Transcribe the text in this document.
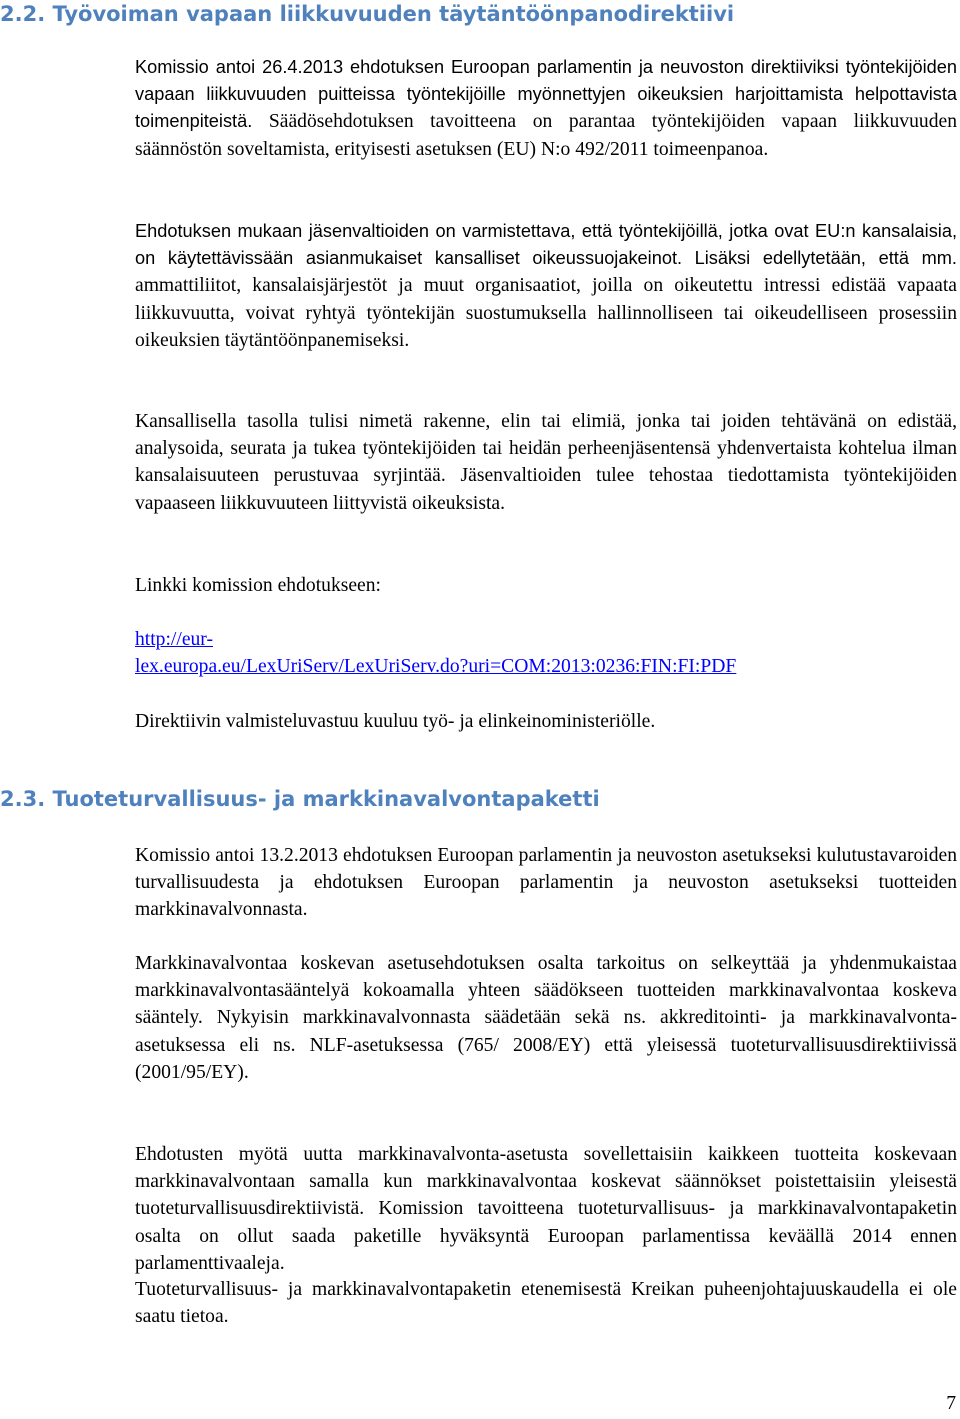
2.2. Työvoiman vapaan liikkuvuuden täytäntöönpanodirektiivi
Komissio antoi 26.4.2013 ehdotuksen Euroopan parlamentin ja neuvoston direktiiviksi työntekijöiden vapaan liikkuvuuden puitteissa työntekijöille myönnettyjen oikeuksien harjoittamista helpottavista toimenpiteistä. Säädösehdotuksen tavoitteena on parantaa työntekijöiden vapaan liikkuvuuden säännöstön soveltamista, erityisesti asetuksen (EU) N:o 492/2011 toimeenpanoa.
Ehdotuksen mukaan jäsenvaltioiden on varmistettava, että työntekijöillä, jotka ovat EU:n kansalaisia, on käytettävissään asianmukaiset kansalliset oikeussuojakeinot. Lisäksi edellytetään, että mm. ammattiliitot, kansalaisjärjestöt ja muut organisaatiot, joilla on oikeutettu intressi edistää vapaata liikkuvuutta, voivat ryhtyä työntekijän suostumuksella hallinnolliseen tai oikeudelliseen prosessiin oikeuksien täytäntöönpanemiseksi.
Kansallisella tasolla tulisi nimetä rakenne, elin tai elimiä, jonka tai joiden tehtävänä on edistää, analysoida, seurata ja tukea työntekijöiden tai heidän perheenjäsentensä yhdenvertaista kohtelua ilman kansalaisuuteen perustuvaa syrjintää. Jäsenvaltioiden tulee tehostaa tiedottamista työntekijöiden vapaaseen liikkuvuuteen liittyvistä oikeuksista.
Linkki komission ehdotukseen:
http://eur-
lex.europa.eu/LexUriServ/LexUriServ.do?uri=COM:2013:0236:FIN:FI:PDF
Direktiivin valmisteluvastuu kuuluu työ- ja elinkeinoministeriölle.
2.3. Tuoteturvallisuus- ja markkinavalvontapaketti
Komissio antoi 13.2.2013 ehdotuksen Euroopan parlamentin ja neuvoston asetukseksi kulutustavaroiden turvallisuudesta ja ehdotuksen Euroopan parlamentin ja neuvoston asetukseksi tuotteiden markkinavalvonnasta.
Markkinavalvontaa koskevan asetusehdotuksen osalta tarkoitus on selkeyttää ja yhdenmukaistaa markkinavalvontasääntelyä kokoamalla yhteen säädökseen tuotteiden markkinavalvontaa koskeva sääntely. Nykyisin markkinavalvonnasta säädetään sekä ns. akkreditointi- ja markkinavalvonta-asetuksessa eli ns. NLF-asetuksessa (765/ 2008/EY) että yleisessä tuoteturvallisuusdirektiivissä (2001/95/EY).
Ehdotusten myötä uutta markkinavalvonta-asetusta sovellettaisiin kaikkeen tuotteita koskevaan markkinavalvontaan samalla kun markkinavalvontaa koskevat säännökset poistettaisiin yleisestä tuoteturvallisuusdirektiivistä. Komission tavoitteena tuoteturvallisuus- ja markkinavalvontapaketin osalta on ollut saada paketille hyväksyntä Euroopan parlamentissa keväällä 2014 ennen parlamenttivaaleja.
Tuoteturvallisuus- ja markkinavalvontapaketin etenemisestä Kreikan puheenjohtajuuskaudella ei ole saatu tietoa.
7
